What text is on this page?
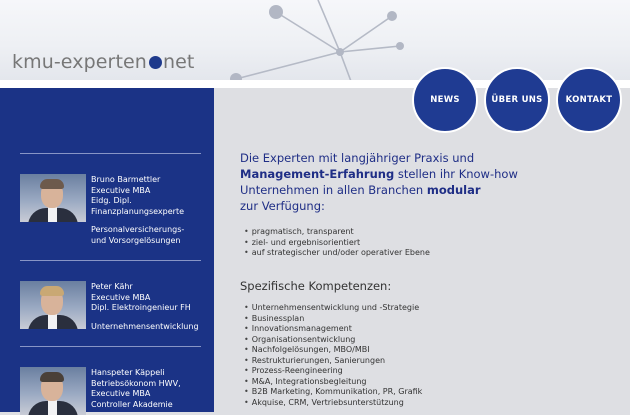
kmu-experten net
NEWS	ÜBER UNS	KONTAKT
Bruno Barmettler
Executive MBA
Eidg. Dipl.
Finanzplanungsexperte
Personalversicherungs-
und Vorsorgelösungen
Peter Kähr
Executive MBA
Dipl. Elektroingenieur FH
Unternehmensentwicklung
Hanspeter Käppeli
Betriebsökonom HWV,
Executive MBA
Controller Akademie
Die Experten mit langjähriger Praxis und
Management-Erfahrung stellen ihr Know-how
Unternehmen in allen Branchen modular
zur Verfügung:
• pragmatisch, transparent
• ziel- und ergebnisorientiert
• auf strategischer und/oder operativer Ebene
Spezifische Kompetenzen:
• Unternehmensentwicklung und -Strategie
• Businessplan
• Innovationsmanagement
• Organisationsentwicklung
• Nachfolgelösungen, MBO/MBI
• Restrukturierungen, Sanierungen
• Prozess-Reengineering
• M&A, Integrationsbegleitung
• B2B Marketing, Kommunikation, PR, Grafik
• Akquise, CRM, Vertriebsunterstützung
